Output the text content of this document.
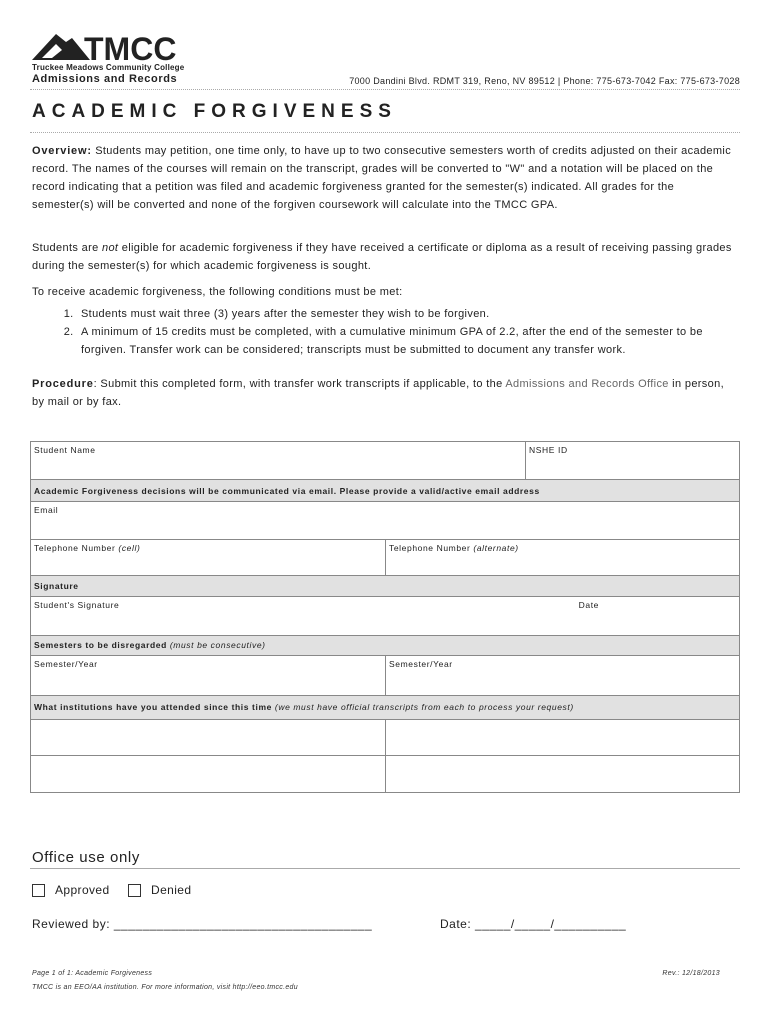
TMCC
Truckee Meadows Community College
Admissions and Records	7000 Dandini Blvd. RDMT 319, Reno, NV 89512 | Phone: 775-673-7042 Fax: 775-673-7028
ACADEMIC FORGIVENESS
Overview: Students may petition, one time only, to have up to two consecutive semesters worth of credits adjusted on their academic record. The names of the courses will remain on the transcript, grades will be converted to "W" and a notation will be placed on the record indicating that a petition was filed and academic forgiveness granted for the semester(s) indicated. All grades for the semester(s) will be converted and none of the forgiven coursework will calculate into the TMCC GPA.
Students are not eligible for academic forgiveness if they have received a certificate or diploma as a result of receiving passing grades during the semester(s) for which academic forgiveness is sought.
To receive academic forgiveness, the following conditions must be met:
1. Students must wait three (3) years after the semester they wish to be forgiven.
2. A minimum of 15 credits must be completed, with a cumulative minimum GPA of 2.2, after the end of the semester to be forgiven. Transfer work can be considered; transcripts must be submitted to document any transfer work.
Procedure: Submit this completed form, with transfer work transcripts if applicable, to the Admissions and Records Office in person, by mail or by fax.
Student Name	NSHE ID
Academic Forgiveness decisions will be communicated via email. Please provide a valid/active email address
Email
Telephone Number (cell)	Telephone Number (alternate)
Signature
Student's Signature	Date
Semesters to be disregarded (must be consecutive)
Semester/Year	Semester/Year
What institutions have you attended since this time (we must have official transcripts from each to process your request)
Office use only
Approved	Denied
Reviewed by: ____________________________________	Date: _____/_____/__________
Page 1 of 1: Academic Forgiveness	Rev.: 12/18/2013
TMCC is an EEO/AA institution. For more information, visit http://eeo.tmcc.edu
